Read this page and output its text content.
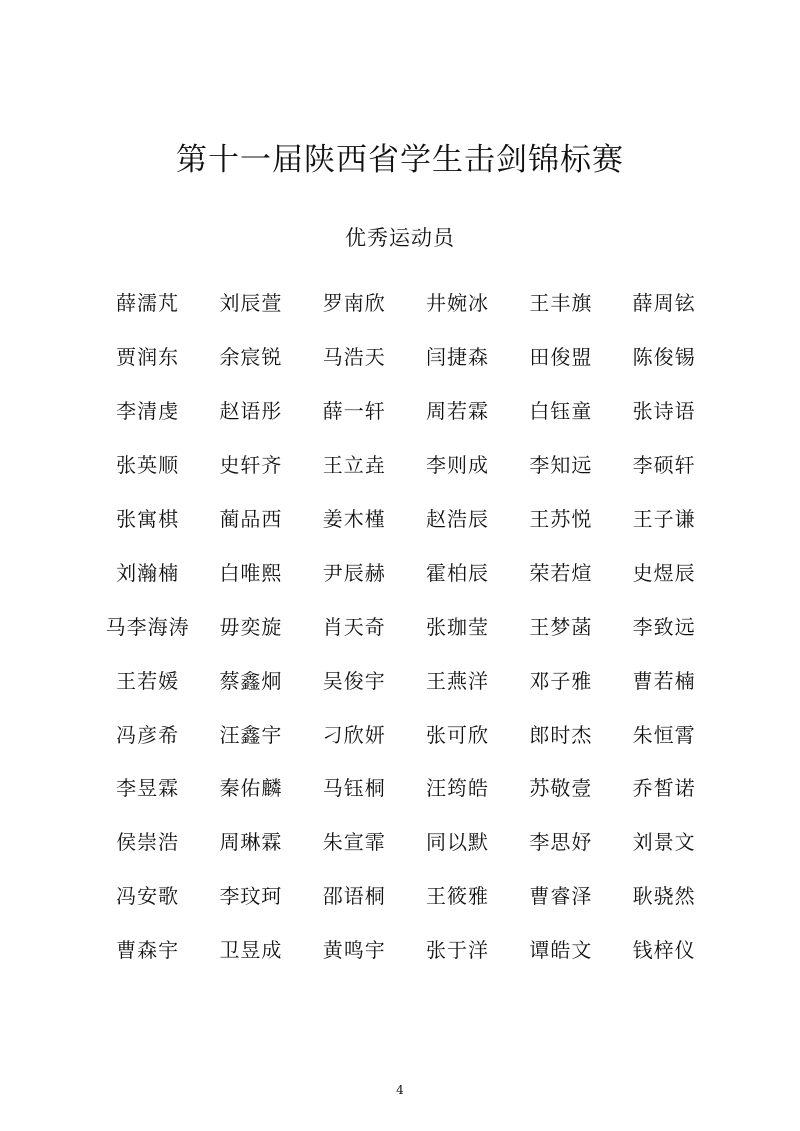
第十一届陕西省学生击剑锦标赛
优秀运动员
薛濡芃	刘辰萱	罗南欣	井婉冰	王丰旗	薛周铉
贾润东	余宸锐	马浩天	闫捷森	田俊盟	陈俊锡
李清虔	赵语彤	薛一轩	周若霖	白钰童	张诗语
张英顺	史轩齐	王立垚	李则成	李知远	李硕轩
张寓棋	蔺品西	姜木槿	赵浩辰	王苏悦	王子谦
刘瀚楠	白唯熙	尹辰赫	霍柏辰	荣若煊	史煜辰
马李海涛	毋奕旋	肖天奇	张珈莹	王梦菡	李致远
王若媛	蔡鑫炯	吴俊宇	王燕洋	邓子雅	曹若楠
冯彦希	汪鑫宇	刁欣妍	张可欣	郎时杰	朱恒霄
李昱霖	秦佑麟	马钰桐	汪筠皓	苏敬壹	乔皙诺
侯崇浩	周琳霖	朱宣霏	同以默	李思妤	刘景文
冯安歌	李玟珂	邵语桐	王筱雅	曹睿泽	耿骁然
曹森宇	卫昱成	黄鸣宇	张于洋	谭皓文	钱梓仪
4
